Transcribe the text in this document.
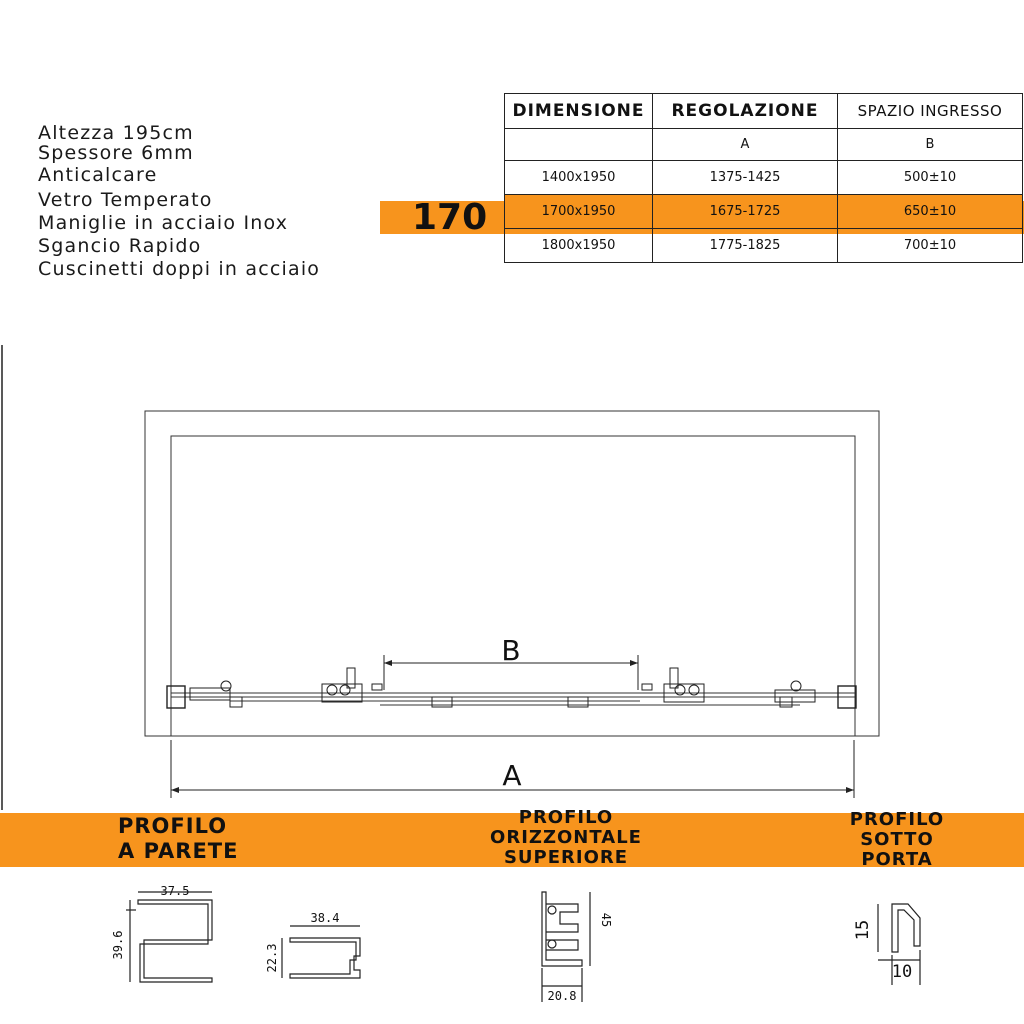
Altezza 195cm
Spessore 6mm
Anticalcare
Vetro Temperato
Maniglie in acciaio Inox
Sgancio Rapido
Cuscinetti doppi in acciaio
170
DIMENSIONE	REGOLAZIONE	SPAZIO INGRESSO
	A	B
1400x1950	1375-1425	500±10
1700x1950	1675-1725	650±10
1800x1950	1775-1825	700±10
B
A
PROFILO
A PARETE
PROFILO
ORIZZONTALE
SUPERIORE
PROFILO
SOTTO
PORTA
37.5
39.6
38.4
22.3
45
20.8
15
10
